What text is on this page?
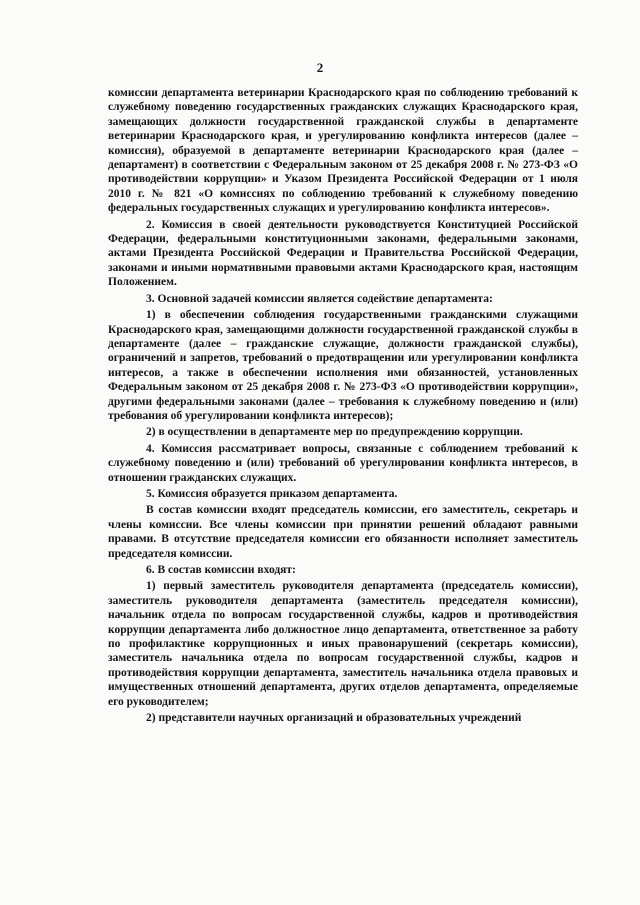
2

комиссии департамента ветеринарии Краснодарского края по соблюдению требований к служебному поведению государственных гражданских служащих Краснодарского края, замещающих должности государственной гражданской службы в департаменте ветеринарии Краснодарского края, и урегулированию конфликта интересов (далее – комиссия), образуемой в департаменте ветеринарии Краснодарского края (далее – департамент) в соответствии с Федеральным законом от 25 декабря 2008 г. № 273-ФЗ «О противодействии коррупции» и Указом Президента Российской Федерации от 1 июля 2010 г. № 821 «О комиссиях по соблюдению требований к служебному поведению федеральных государственных служащих и урегулированию конфликта интересов».

2. Комиссия в своей деятельности руководствуется Конституцией Российской Федерации, федеральными конституционными законами, федеральными законами, актами Президента Российской Федерации и Правительства Российской Федерации, законами и иными нормативными правовыми актами Краснодарского края, настоящим Положением.

3. Основной задачей комиссии является содействие департамента:

1) в обеспечении соблюдения государственными гражданскими служащими Краснодарского края, замещающими должности государственной гражданской службы в департаменте (далее – гражданские служащие, должности гражданской службы), ограничений и запретов, требований о предотвращении или урегулировании конфликта интересов, а также в обеспечении исполнения ими обязанностей, установленных Федеральным законом от 25 декабря 2008 г. № 273-ФЗ «О противодействии коррупции», другими федеральными законами (далее – требования к служебному поведению и (или) требования об урегулировании конфликта интересов);

2) в осуществлении в департаменте мер по предупреждению коррупции.

4. Комиссия рассматривает вопросы, связанные с соблюдением требований к служебному поведению и (или) требований об урегулировании конфликта интересов, в отношении гражданских служащих.

5. Комиссия образуется приказом департамента.

В состав комиссии входят председатель комиссии, его заместитель, секретарь и члены комиссии. Все члены комиссии при принятии решений обладают равными правами. В отсутствие председателя комиссии его обязанности исполняет заместитель председателя комиссии.

6. В состав комиссии входят:

1) первый заместитель руководителя департамента (председатель комиссии), заместитель руководителя департамента (заместитель председателя комиссии), начальник отдела по вопросам государственной службы, кадров и противодействия коррупции департамента либо должностное лицо департамента, ответственное за работу по профилактике коррупционных и иных правонарушений (секретарь комиссии), заместитель начальника отдела по вопросам государственной службы, кадров и противодействия коррупции департамента, заместитель начальника отдела правовых и имущественных отношений департамента, других отделов департамента, определяемые его руководителем;

2) представители научных организаций и образовательных учреждений
